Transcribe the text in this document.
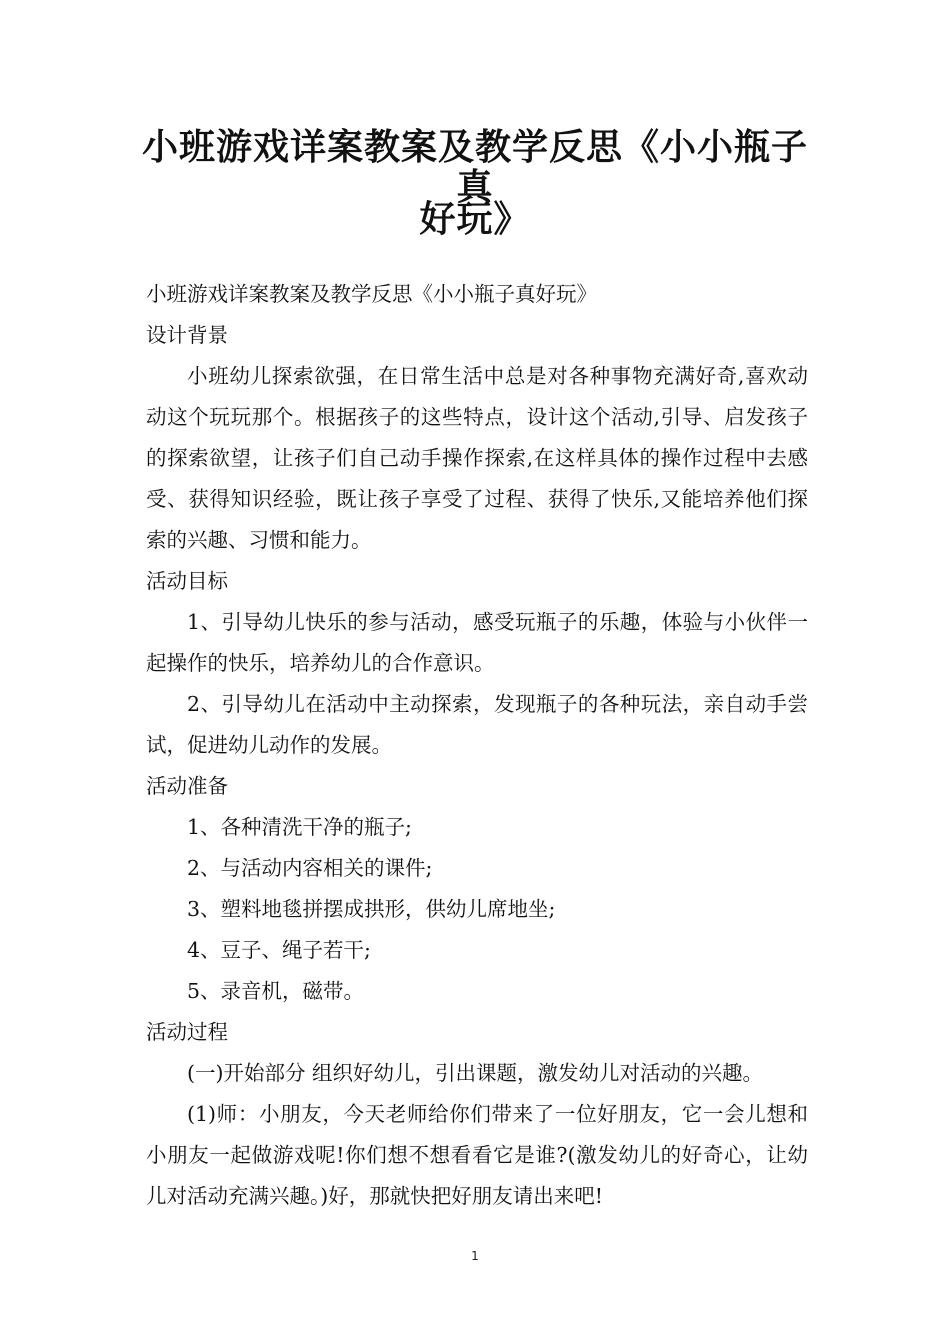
小班游戏详案教案及教学反思《小小瓶子真
好玩》

小班游戏详案教案及教学反思《小小瓶子真好玩》

设计背景

小班幼儿探索欲强，在日常生活中总是对各种事物充满好奇,喜欢动动这个玩玩那个。根据孩子的这些特点，设计这个活动,引导、启发孩子的探索欲望，让孩子们自己动手操作探索,在这样具体的操作过程中去感受、获得知识经验，既让孩子享受了过程、获得了快乐,又能培养他们探索的兴趣、习惯和能力。

活动目标

1、引导幼儿快乐的参与活动，感受玩瓶子的乐趣，体验与小伙伴一起操作的快乐，培养幼儿的合作意识。

2、引导幼儿在活动中主动探索，发现瓶子的各种玩法，亲自动手尝试，促进幼儿动作的发展。

活动准备

1、各种清洗干净的瓶子;

2、与活动内容相关的课件;

3、塑料地毯拼摆成拱形，供幼儿席地坐;

4、豆子、绳子若干;

5、录音机，磁带。

活动过程

(一)开始部分 组织好幼儿，引出课题，激发幼儿对活动的兴趣。

(1)师：小朋友，今天老师给你们带来了一位好朋友，它一会儿想和小朋友一起做游戏呢!你们想不想看看它是谁?(激发幼儿的好奇心，让幼儿对活动充满兴趣。)好，那就快把好朋友请出来吧!

1
